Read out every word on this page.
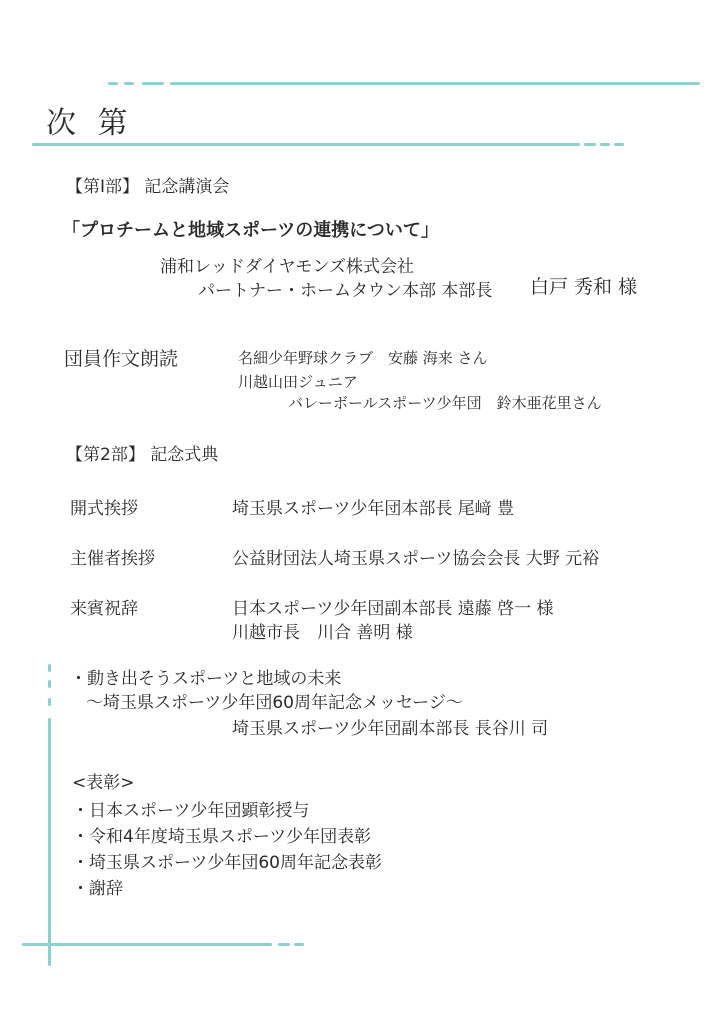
次 第
【第Ⅰ部】 記念講演会
「プロチームと地域スポーツの連携について」
浦和レッドダイヤモンズ株式会社
パートナー・ホームタウン本部 本部長 白戸 秀和 様
団員作文朗読	名細少年野球クラブ　安藤 海来 さん
川越山田ジュニア
バレーボールスポーツ少年団　鈴木亜花里さん
【第2部】 記念式典
開式挨拶	埼玉県スポーツ少年団本部長 尾﨑 豊
主催者挨拶	公益財団法人埼玉県スポーツ協会会長 大野 元裕
来賓祝辞	日本スポーツ少年団副本部長 遠藤 啓一 様
川越市長　川合 善明 様
・動き出そうスポーツと地域の未来
〜埼玉県スポーツ少年団60周年記念メッセージ〜
埼玉県スポーツ少年団副本部長 長谷川 司
<表彰>
・日本スポーツ少年団顕彰授与
・令和4年度埼玉県スポーツ少年団表彰
・埼玉県スポーツ少年団60周年記念表彰
・謝辞
